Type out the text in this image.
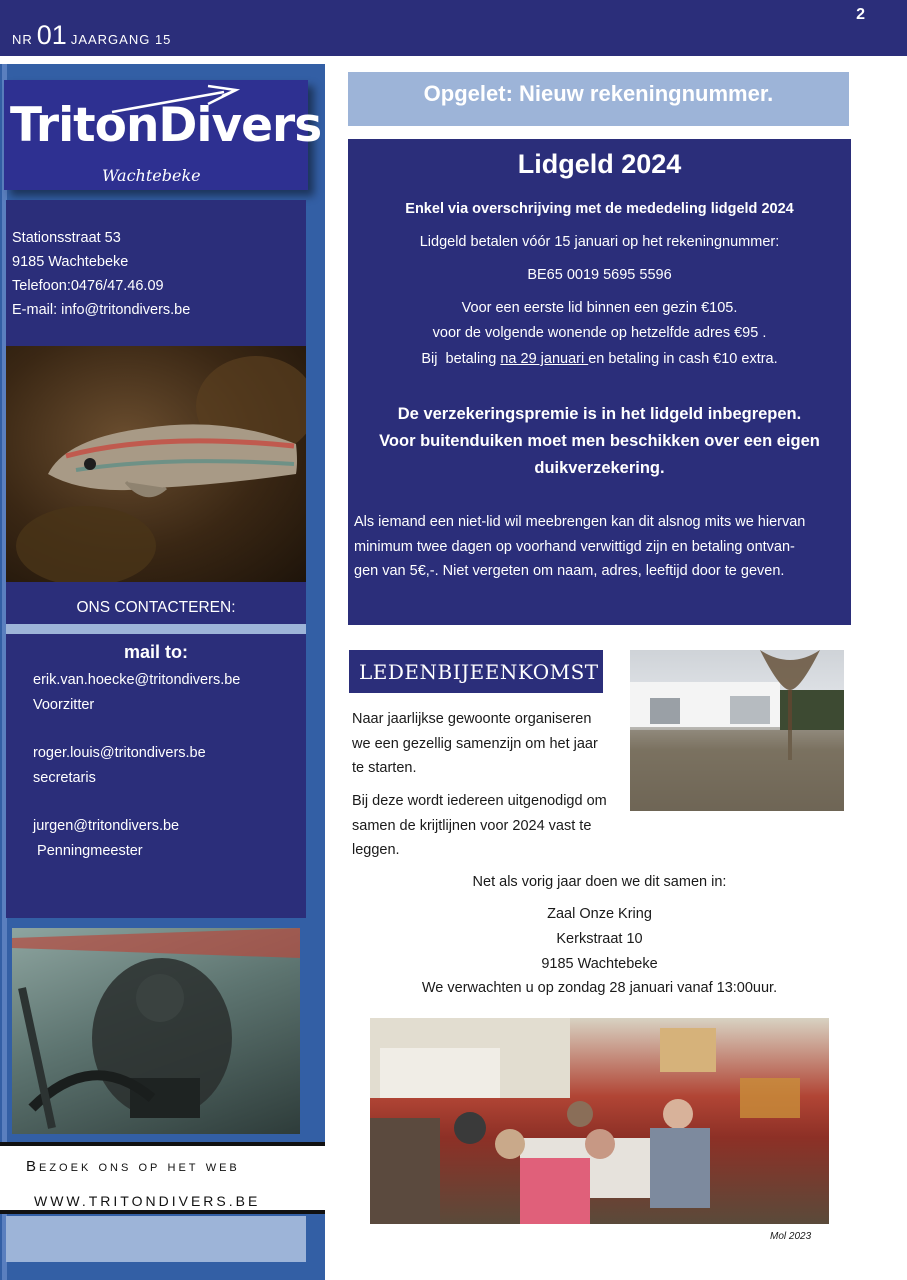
NR 01 JAARGANG 15
2
TritonDivers
Wachtebeke
Stationsstraat 53
9185 Wachtebeke
Telefoon:0476/47.46.09
E-mail: info@tritondivers.be
ONS CONTACTEREN:
mail to:
erik.van.hoecke@tritondivers.be
Voorzitter
roger.louis@tritondivers.be
secretaris
jurgen@tritondivers.be
Penningmeester
Bezoek ons op het web
WWW.TRITONDIVERS.BE
Opgelet: Nieuw rekeningnummer.
Lidgeld 2024
Enkel via overschrijving met de mededeling lidgeld 2024
Lidgeld betalen vóór 15 januari op het rekeningnummer:
BE65 0019 5695 5596
Voor een eerste lid binnen een gezin €105.
voor de volgende wonende op hetzelfde adres €95 .
Bij  betaling na 29 januari en betaling in cash €10 extra.
De verzekeringspremie is in het lidgeld inbegrepen.
Voor buitenduiken moet men beschikken over een eigen
duikverzekering.
Als iemand een niet-lid wil meebrengen kan dit alsnog mits we hiervan
minimum twee dagen op voorhand verwittigd zijn en betaling ontvan-
gen van 5€,-. Niet vergeten om naam, adres, leeftijd door te geven.
LEDENBIJEENKOMST
Naar jaarlijkse gewoonte organiseren
we een gezellig samenzijn om het jaar
te starten.
Bij deze wordt iedereen uitgenodigd om
samen de krijtlijnen voor 2024 vast te
leggen.
Net als vorig jaar doen we dit samen in:
Zaal Onze Kring
Kerkstraat 10
9185 Wachtebeke
We verwachten u op zondag 28 januari vanaf 13:00uur.
Mol 2023
